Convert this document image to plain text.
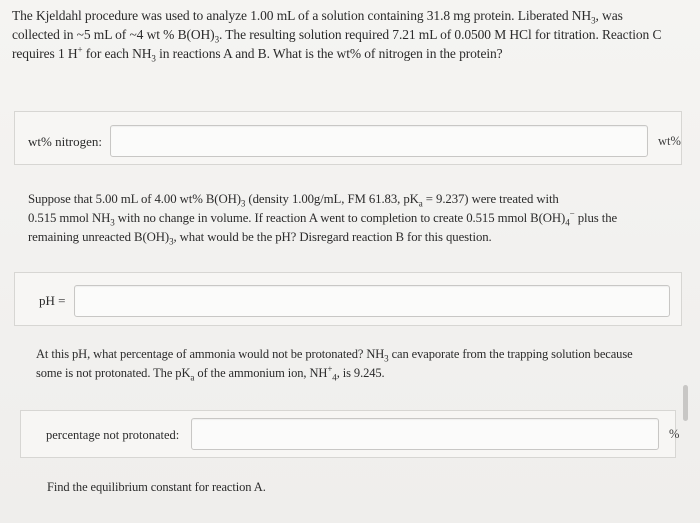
The Kjeldahl procedure was used to analyze 1.00 mL of a solution containing 31.8 mg protein. Liberated $NH_3$, was
collected in ~5 mL of ~4 wt % $B(OH)_3$. The resulting solution required 7.21 mL of 0.0500 M HCl for titration. Reaction C
requires 1 H+ for each $NH_3$ in reactions A and B. What is the wt% of nitrogen in the protein?
wt% nitrogen:	wt%
Suppose that 5.00 mL of 4.00 wt% $B(OH)_3$ (density 1.00g/mL, FM 61.83, $pK_a = 9.237$) were treated with
0.515 mmol $NH_3$ with no change in volume. If reaction A went to completion to create 0.515 mmol $B(OH)_4^-$ plus the
remaining unreacted $B(OH)_3$, what would be the pH? Disregard reaction B for this question.
pH =
At this pH, what percentage of ammonia would not be protonated? $NH_3$ can evaporate from the trapping solution because
some is not protonated. The $pK_a$ of the ammonium ion, $NH^+_4$, is 9.245.
percentage not protonated:	%
Find the equilibrium constant for reaction A.
